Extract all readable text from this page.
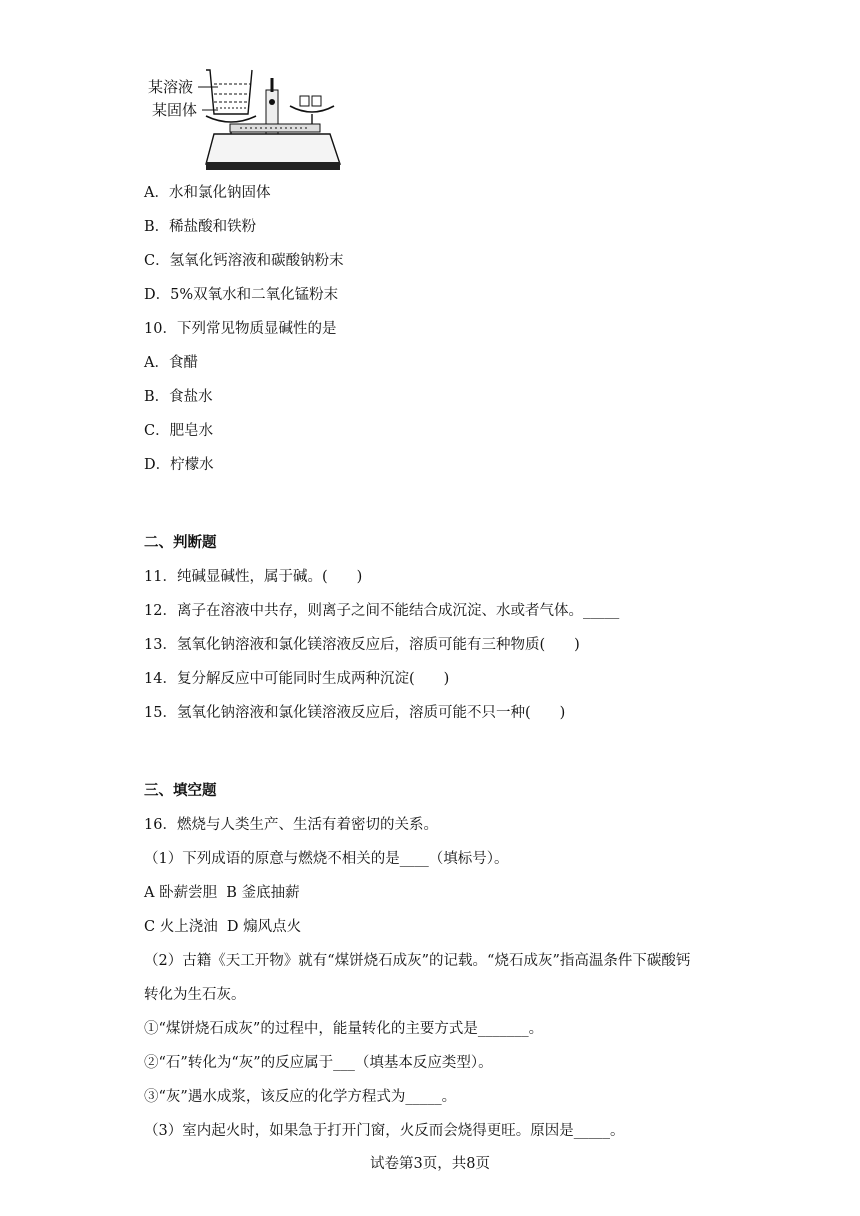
某溶液
某固体
A．水和氯化钠固体
B．稀盐酸和铁粉
C．氢氧化钙溶液和碳酸钠粉末
D．5%双氧水和二氧化锰粉末
10．下列常见物质显碱性的是
A．食醋
B．食盐水
C．肥皂水
D．柠檬水
二、判断题
11．纯碱显碱性，属于碱。(　　)
12．离子在溶液中共存，则离子之间不能结合成沉淀、水或者气体。_____
13．氢氧化钠溶液和氯化镁溶液反应后，溶质可能有三种物质(　　)
14．复分解反应中可能同时生成两种沉淀(　　)
15．氢氧化钠溶液和氯化镁溶液反应后，溶质可能不只一种(　　)
三、填空题
16．燃烧与人类生产、生活有着密切的关系。
（1）下列成语的原意与燃烧不相关的是____（填标号）。
A 卧薪尝胆  B 釜底抽薪
C 火上浇油  D 煽风点火
（2）古籍《天工开物》就有“煤饼烧石成灰”的记载。“烧石成灰”指高温条件下碳酸钙
转化为生石灰。
①“煤饼烧石成灰”的过程中，能量转化的主要方式是_______。
②“石”转化为“灰”的反应属于___（填基本反应类型）。
③“灰”遇水成浆，该反应的化学方程式为_____。
（3）室内起火时，如果急于打开门窗，火反而会烧得更旺。原因是_____。
试卷第3页，共8页
